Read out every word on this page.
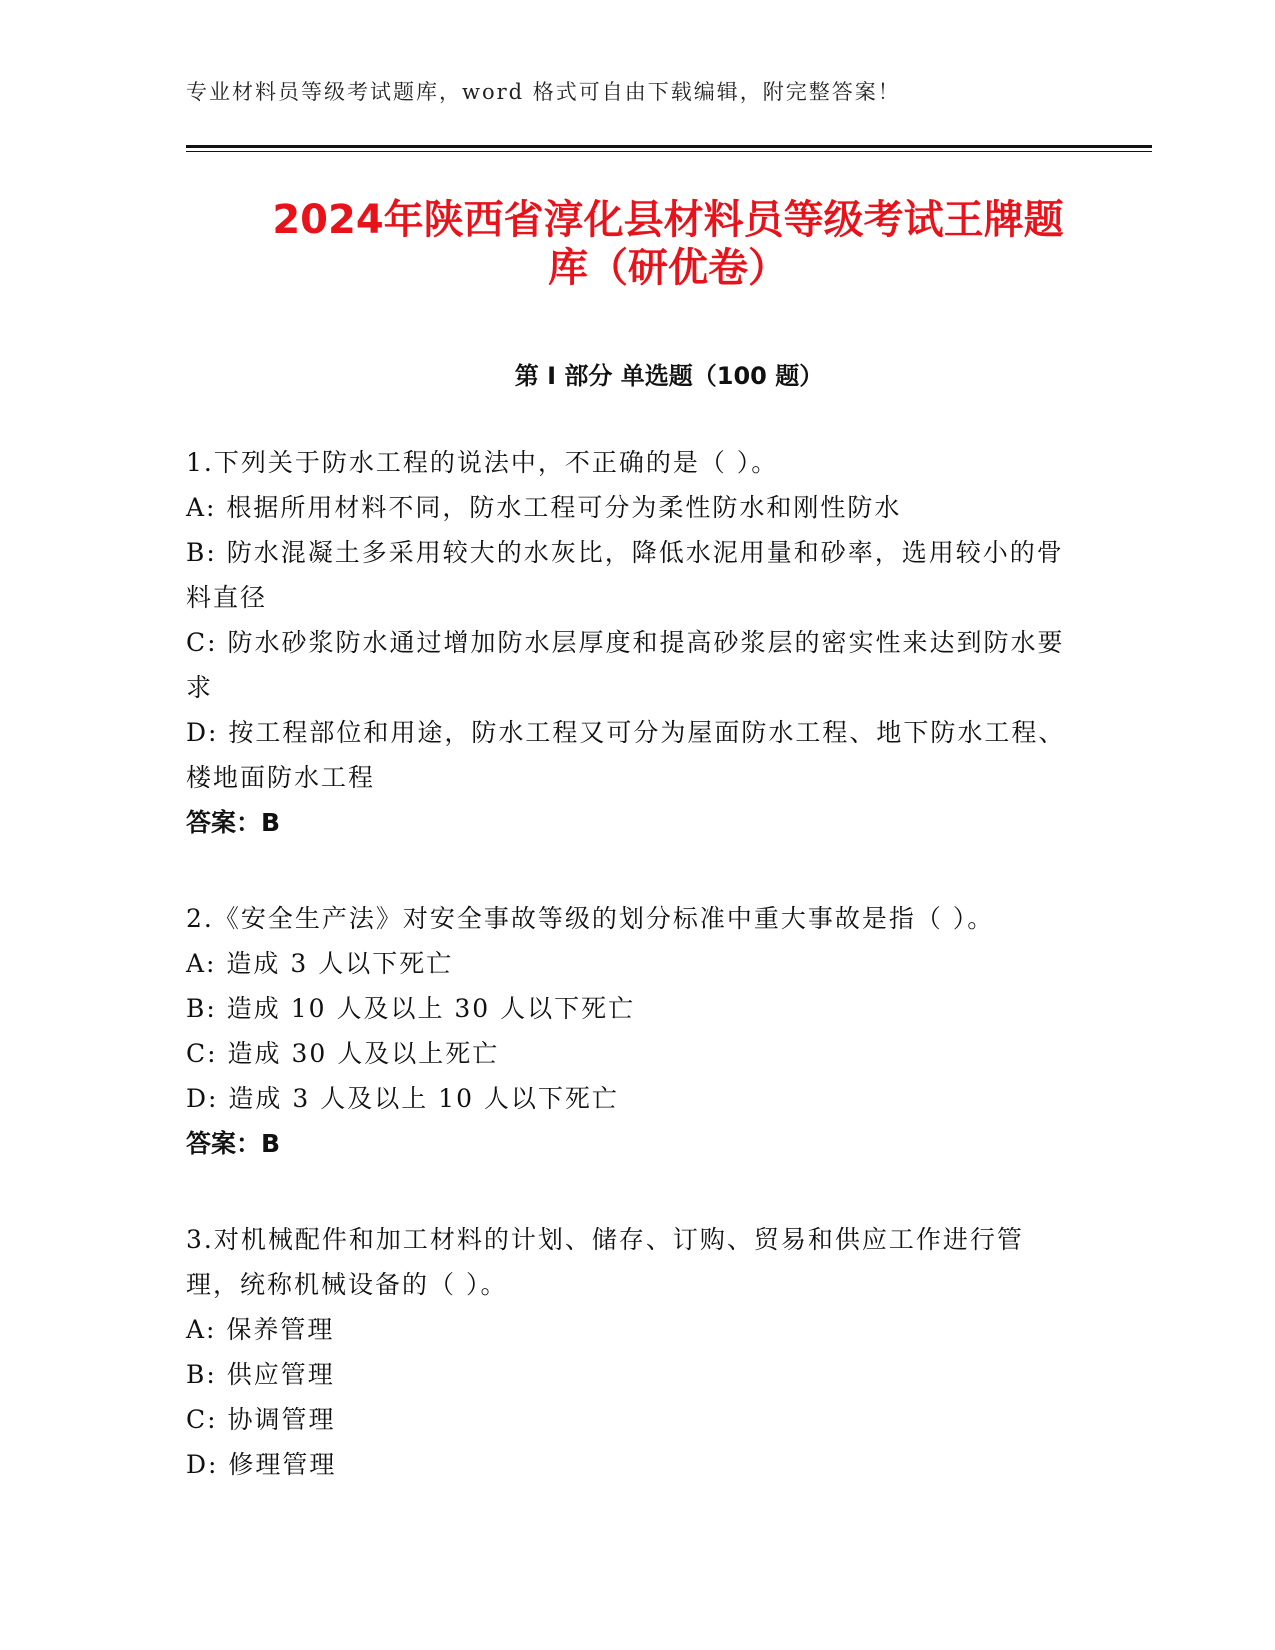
专业材料员等级考试题库，word 格式可自由下载编辑，附完整答案！
2024年陕西省淳化县材料员等级考试王牌题
库（研优卷）
第 I 部分 单选题（100 题）

1.下列关于防水工程的说法中，不正确的是（ ）。

A: 根据所用材料不同，防水工程可分为柔性防水和刚性防水

B: 防水混凝土多采用较大的水灰比，降低水泥用量和砂率，选用较小的骨料直径

C: 防水砂浆防水通过增加防水层厚度和提高砂浆层的密实性来达到防水要求

D: 按工程部位和用途，防水工程又可分为屋面防水工程、地下防水工程、楼地面防水工程

答案：B

2.《安全生产法》对安全事故等级的划分标准中重大事故是指（ ）。

A: 造成 3 人以下死亡

B: 造成 10 人及以上 30 人以下死亡

C: 造成 30 人及以上死亡

D: 造成 3 人及以上 10 人以下死亡

答案：B

3.对机械配件和加工材料的计划、储存、订购、贸易和供应工作进行管理，统称机械设备的（ ）。

A: 保养管理

B: 供应管理

C: 协调管理

D: 修理管理
